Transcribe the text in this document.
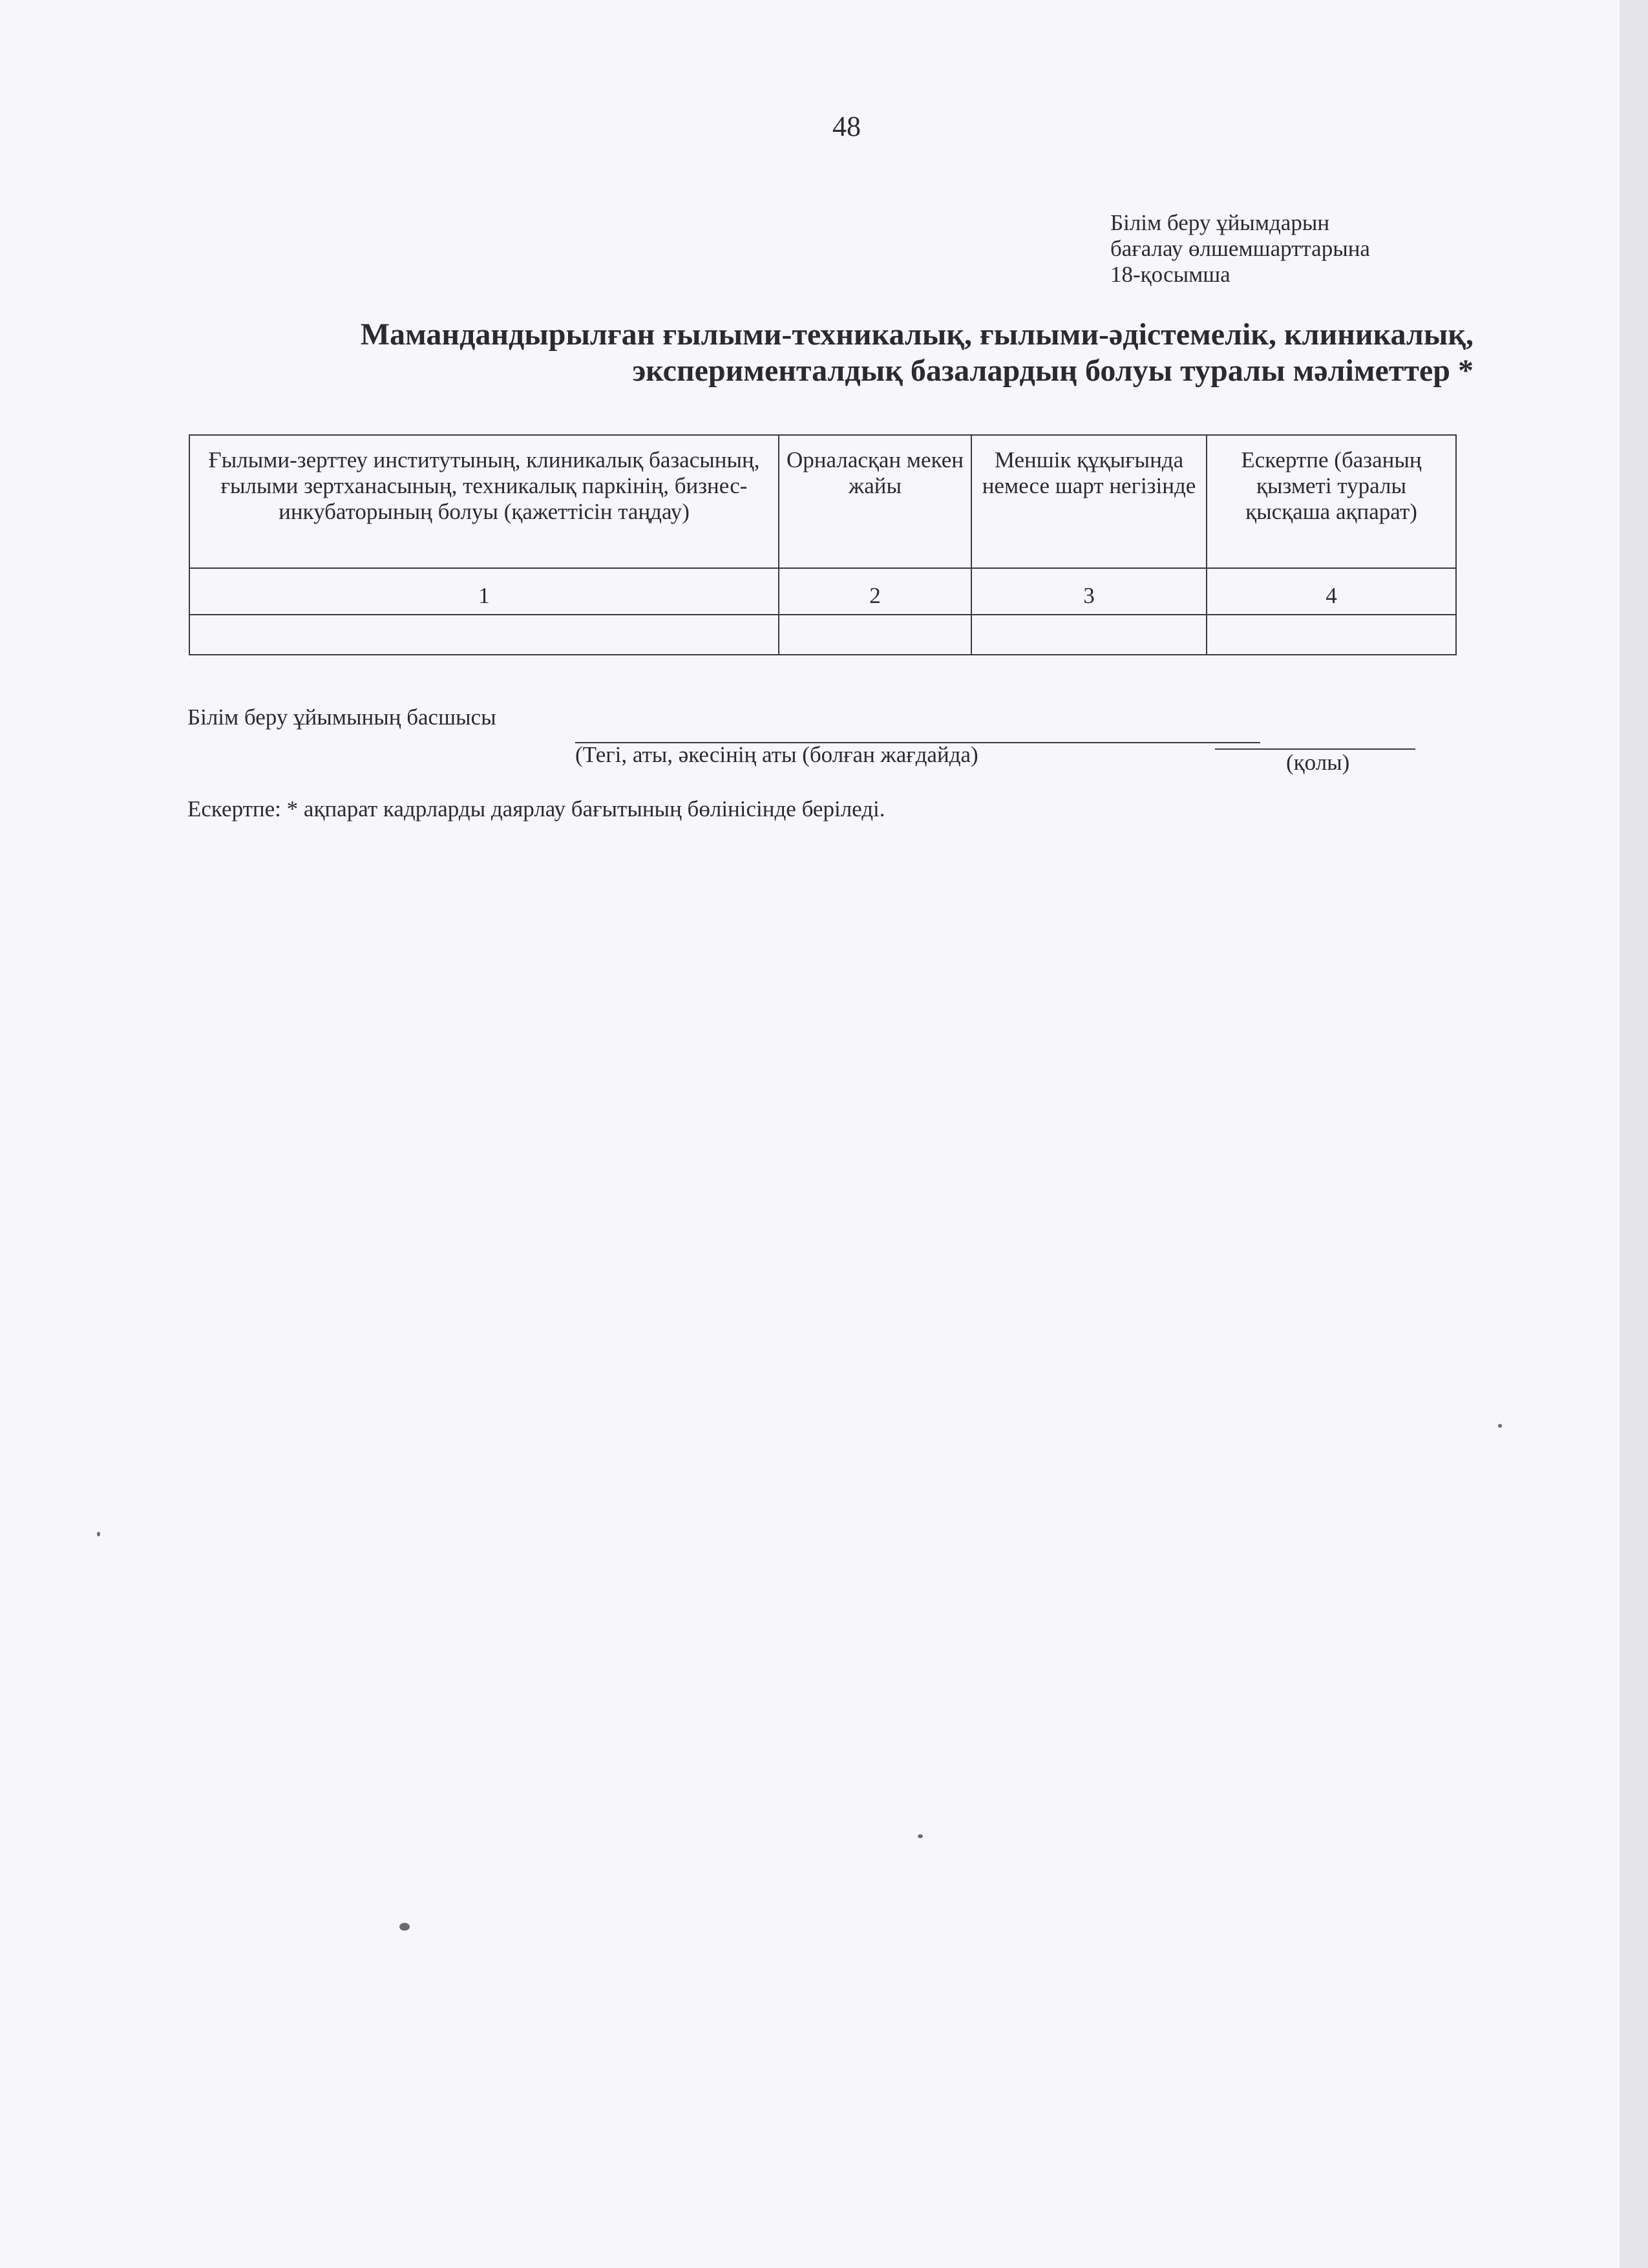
48
Білім беру ұйымдарын
бағалау өлшемшарттарына
18-қосымша
Мамандандырылған ғылыми-техникалық, ғылыми-әдістемелік, клиникалық,
эксперименталдық базалардың болуы туралы мәліметтер *
Ғылыми-зерттеу институтының, клиникалық базасының, ғылыми зертханасының, техникалық паркінің, бизнес-инкубаторының болуы (қажеттісін таңдау)	Орналасқан мекен жайы	Меншік құқығында немесе шарт негізінде	Ескертпе (базаның қызметі туралы қысқаша ақпарат)
1	2	3	4

Білім беру ұйымының басшысы
(Тегі, аты, әкесінің аты (болған жағдайда)	(қолы)
Ескертпе: * ақпарат кадрларды даярлау бағытының бөлінісінде беріледі.
